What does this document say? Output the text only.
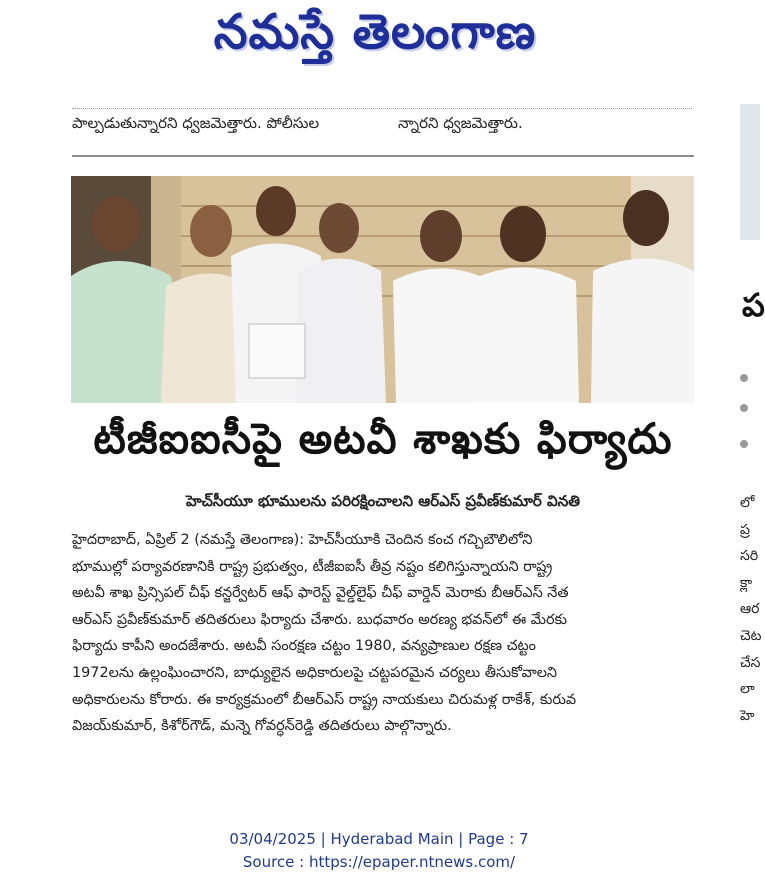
నమస్తే తెలంగాణ
పాల్పడుతున్నారని ధ్వజమెత్తారు. పోలీసుల	న్నారని ధ్వజమెత్తారు.
టీజీఐఐసీపై అటవీ శాఖకు ఫిర్యాదు
హెచ్‌సీయూ భూములను పరిరక్షించాలని ఆర్‌ఎస్ ప్రవీణ్‌కుమార్ వినతి
హైదరాబాద్, ఏప్రిల్ 2 (నమస్తే తెలంగాణ): హెచ్‌సీయూకి చెందిన కంచ గచ్చిబౌలిలోని
భూముల్లో పర్యావరణానికి రాష్ట్ర ప్రభుత్వం, టీజీఐఐసీ తీవ్ర నష్టం కలిగిస్తున్నాయని రాష్ట్ర
అటవీ శాఖ ప్రిన్సిపల్ చీఫ్ కన్జర్వేటర్ ఆఫ్ ఫారెస్ట్ వైల్డ్‌లైఫ్ చీఫ్ వార్డెన్ మెరాకు బీఆర్‌ఎస్ నేత
ఆర్‌ఎస్ ప్రవీణ్‌కుమార్ తదితరులు ఫిర్యాదు చేశారు. బుధవారం అరణ్య భవన్‌లో ఈ మేరకు
ఫిర్యాదు కాపీని అందజేశారు. అటవీ సంరక్షణ చట్టం 1980, వన్యప్రాణుల రక్షణ చట్టం
1972లను ఉల్లంఘించారని, బాధ్యులైన అధికారులపై చట్టపరమైన చర్యలు తీసుకోవాలని
అధికారులను కోరారు. ఈ కార్యక్రమంలో బీఆర్‌ఎస్ రాష్ట్ర నాయకులు చిరుమళ్ల రాకేశ్, కురువ
విజయ్‌కుమార్, కిశోర్‌గౌడ్, మన్నె గోవర్ధన్‌రెడ్డి తదితరులు పాల్గొన్నారు.
ప
లో
ప్ర
సరి
క్లా
ఆర
చెట
చేస
లా
హె
03/04/2025 | Hyderabad Main | Page : 7
Source : https://epaper.ntnews.com/
